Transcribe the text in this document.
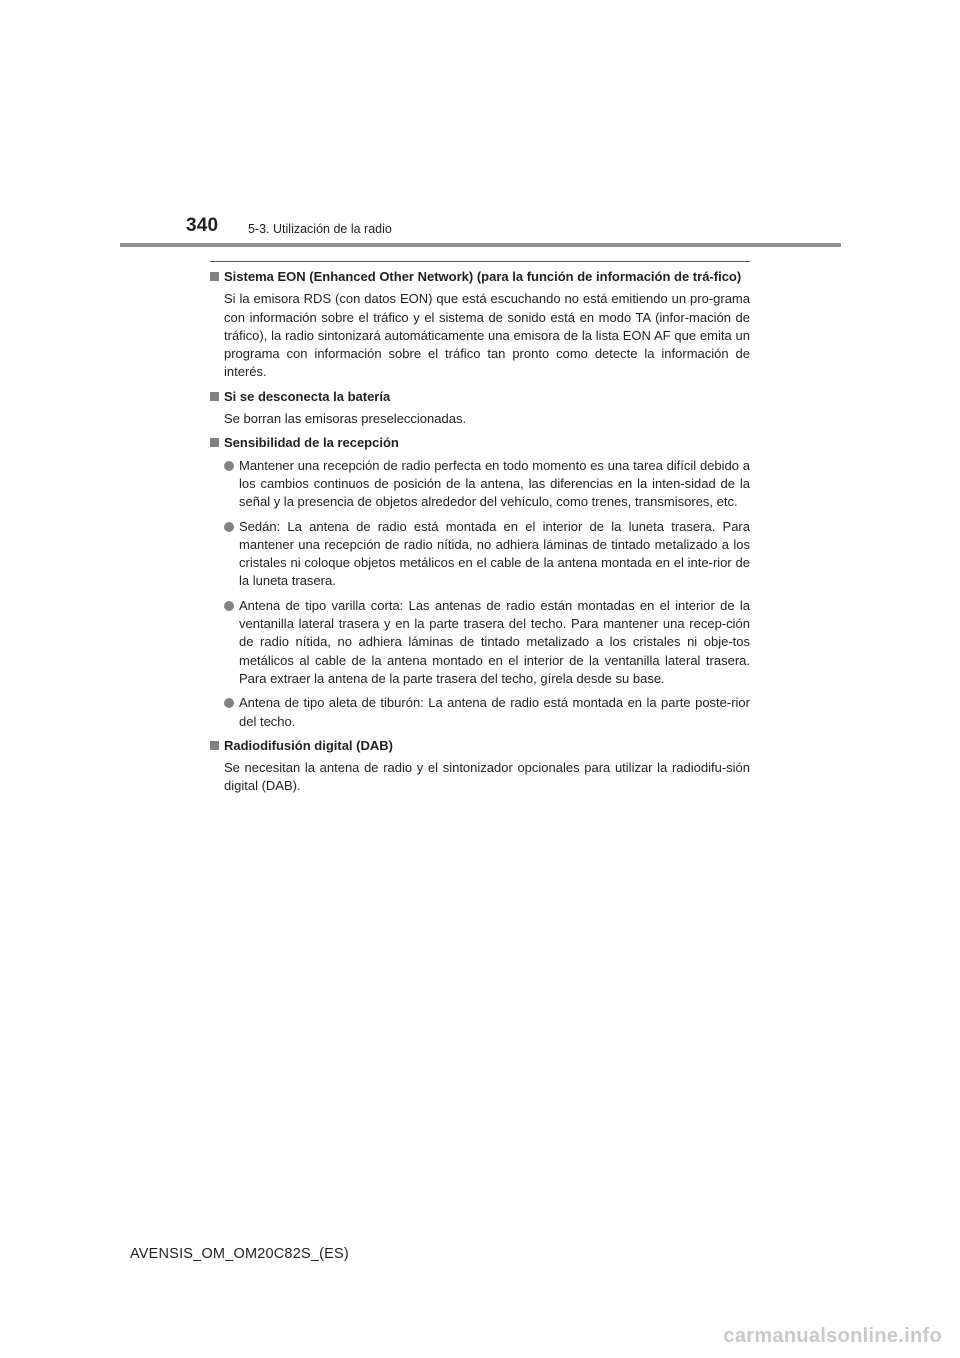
340 5-3. Utilización de la radio
Sistema EON (Enhanced Other Network) (para la función de información de trá-fico)
Si la emisora RDS (con datos EON) que está escuchando no está emitiendo un pro-grama con información sobre el tráfico y el sistema de sonido está en modo TA (infor-mación de tráfico), la radio sintonizará automáticamente una emisora de la lista EON AF que emita un programa con información sobre el tráfico tan pronto como detecte la información de interés.
Si se desconecta la batería
Se borran las emisoras preseleccionadas.
Sensibilidad de la recepción
Mantener una recepción de radio perfecta en todo momento es una tarea difícil debido a los cambios continuos de posición de la antena, las diferencias en la inten-sidad de la señal y la presencia de objetos alrededor del vehículo, como trenes, transmisores, etc.
Sedán: La antena de radio está montada en el interior de la luneta trasera. Para mantener una recepción de radio nítida, no adhiera láminas de tintado metalizado a los cristales ni coloque objetos metálicos en el cable de la antena montada en el inte-rior de la luneta trasera.
Antena de tipo varilla corta: Las antenas de radio están montadas en el interior de la ventanilla lateral trasera y en la parte trasera del techo. Para mantener una recep-ción de radio nítida, no adhiera láminas de tintado metalizado a los cristales ni obje-tos metálicos al cable de la antena montado en el interior de la ventanilla lateral trasera. Para extraer la antena de la parte trasera del techo, gírela desde su base.
Antena de tipo aleta de tiburón: La antena de radio está montada en la parte poste-rior del techo.
Radiodifusión digital (DAB)
Se necesitan la antena de radio y el sintonizador opcionales para utilizar la radiodifu-sión digital (DAB).
AVENSIS_OM_OM20C82S_(ES)
carmanualsonline.info
